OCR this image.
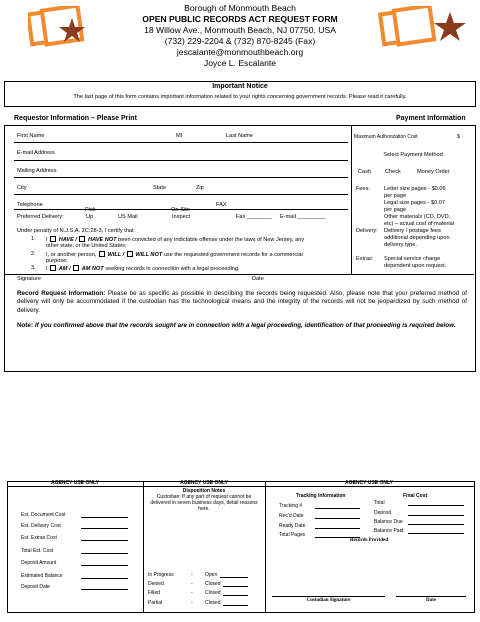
Borough of Monmouth Beach
OPEN PUBLIC RECORDS ACT REQUEST FORM
18 Willow Ave., Monmouth Beach, NJ 07750, USA
(732) 229-2204 & (732) 870-8245 (Fax)
jescalante@monmouthbeach.org
Joyce L. Escalante
Important Notice
The last page of this form contains important information related to your rights concerning government records. Please read it carefully.
Requestor Information – Please Print	Payment Information
First Name	MI	Last Name
E-mail Address
Mailing Address
City	State	Zip
Telephone	FAX
Pick	On-Site
Preferred Delivery:	Up	US Mail	Inspect	Fax ________ E-mail _________
Under penalty of N.J.S.A. 2C:28-3, I certify that
1. I HAVE / HAVE NOT been convicted of any indictable offense under the laws of New Jersey, any
other state, or the United States;
2. I, or another person, WILL / WILL NOT use the requested government records for a commercial
purpose;
3. I AM / AM NOT seeking records in connection with a legal proceeding.
Signature	Date
Maximum Authorization Cost	$
Select Payment Method
Cash Check	Money Order
Fees:	Letter size pages - $0.05
per page
Legal size pages - $0.07
per page
Other materials (CD, DVD,
etc) – actual cost of material
Delivery: Delivery / postage fees
additional depending upon
delivery type.
Extras: Special service charge
dependent upon request.
Record Request Information: Please be as specific as possible in describing the records being requested. Also, please note that your preferred method of delivery will only be accommodated if the custodian has the technological means and the integrity of the records will not be jeopardized by such method of delivery.
Note: If you confirmed above that the records sought are in connection with a legal proceeding, identification of that proceeding is required below.
AGENCY USE ONLY	AGENCY USE ONLY	AGENCY USE ONLY
Est. Document Cost
Est. Delivery Cost
Est. Extras Cost
Total Est. Cost
Deposit Amount
Estimated Balance
Deposit Date
Disposition Notes
Custodian: If any part of request cannot be delivered in seven business days, detail reasons here.
In Progress	- Open
Denied	- Closed
Filled	- Closed
Partial	- Closed
Tracking Information	Final Cost
Tracking #
Rec'd Date
Ready Date
Total Pages
Total
Deposit
Balance Due
Balance Paid
Records Provided
Custodian Signature	Date
